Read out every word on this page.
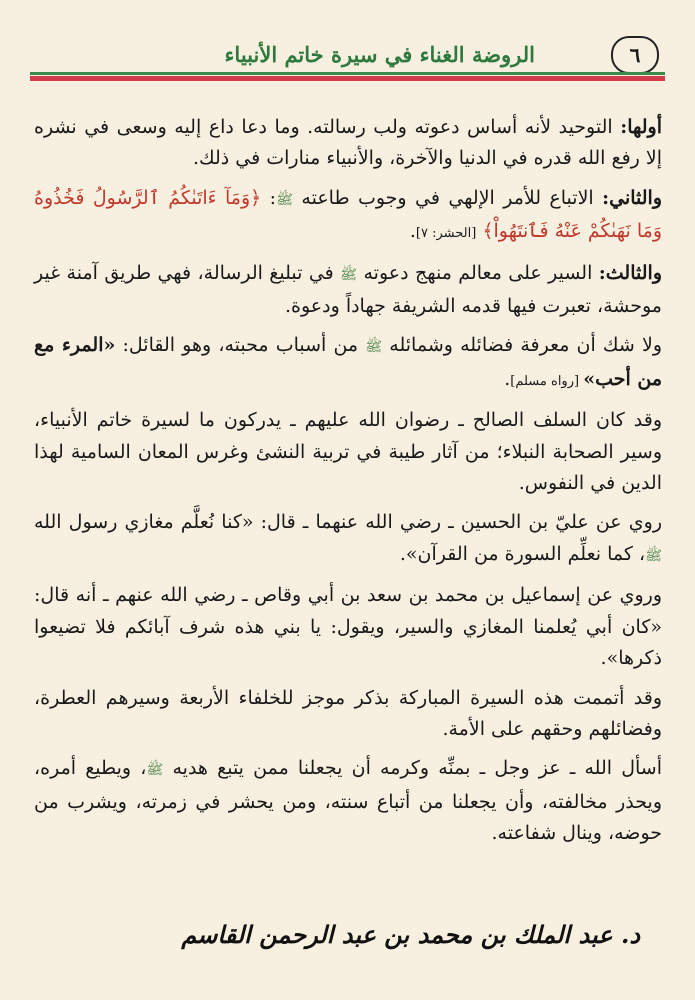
الروضة الغناء في سيرة خاتم الأنبياء	٦

أولها: التوحيد لأنه أساس دعوته ولب رسالته. وما دعا داع إليه وسعى في نشره إلا رفع الله قدره في الدنيا والآخرة، والأنبياء منارات في ذلك.

والثاني: الاتباع للأمر الإلهي في وجوب طاعته ﷺ: ﴿وَمَآ ءَاتَىٰكُمُ ٱلرَّسُولُ فَخُذُوهُ وَمَا نَهَىٰكُمْ عَنْهُ فَٱنتَهُواْ﴾ [الحشر: ٧].

والثالث: السير على معالم منهج دعوته ﷺ في تبليغ الرسالة، فهي طريق آمنة غير موحشة، تعبرت فيها قدمه الشريفة جهاداً ودعوة.

ولا شك أن معرفة فضائله وشمائله ﷺ من أسباب محبته، وهو القائل: «المرء مع من أحب» [رواه مسلم].

وقد كان السلف الصالح ـ رضوان الله عليهم ـ يدركون ما لسيرة خاتم الأنبياء، وسير الصحابة النبلاء؛ من آثار طيبة في تربية النشئ وغرس المعان السامية لهذا الدين في النفوس.

روي عن عليّ بن الحسين ـ رضي الله عنهما ـ قال: «كنا نُعلَّم مغازي رسول الله ﷺ، كما نعلِّم السورة من القرآن».

وروي عن إسماعيل بن محمد بن سعد بن أبي وقاص ـ رضي الله عنهم ـ أنه قال: «كان أبي يُعلمنا المغازي والسير، ويقول: يا بني هذه شرف آبائكم فلا تضيعوا ذكرها».

وقد أتممت هذه السيرة المباركة بذكر موجز للخلفاء الأربعة وسيرهم العطرة، وفضائلهم وحقهم على الأمة.

أسأل الله ـ عز وجل ـ بمنِّه وكرمه أن يجعلنا ممن يتبع هديه ﷺ، ويطيع أمره، ويحذر مخالفته، وأن يجعلنا من أتباع سنته، ومن يحشر في زمرته، ويشرب من حوضه، وينال شفاعته.

د. عبد الملك بن محمد بن عبد الرحمن القاسم
